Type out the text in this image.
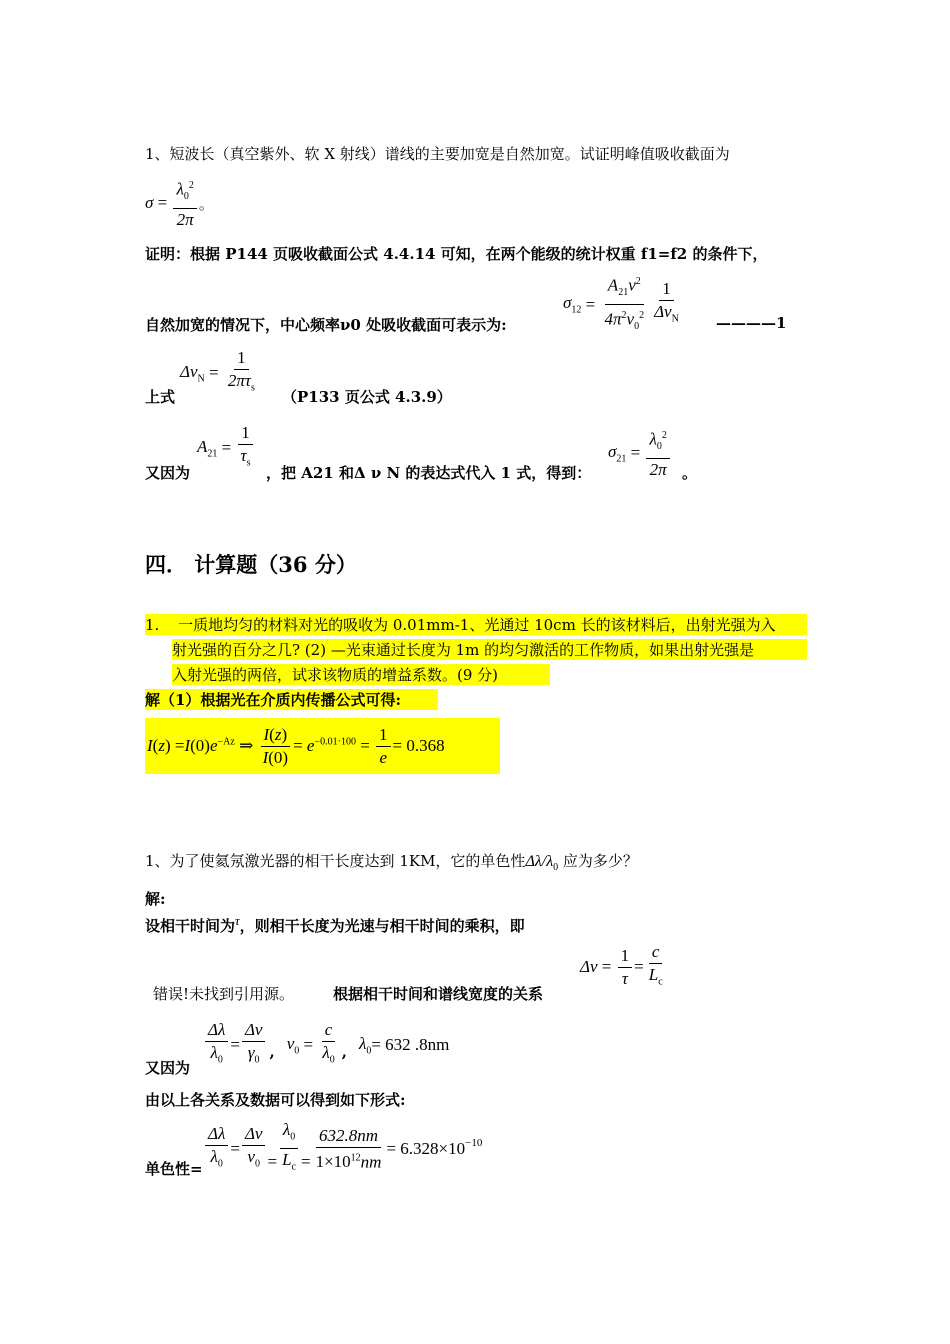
1、短波长（真空紫外、软 X 射线）谱线的主要加宽是自然加宽。试证明峰值吸收截面为
$\sigma = \frac{\lambda_0^2}{2\pi}$ 。
证明：根据 P144 页吸收截面公式 4.4.14 可知，在两个能级的统计权重 f1=f2 的条件下，
自然加宽的情况下，中心频率ν0 处吸收截面可表示为:
$\sigma_{12} = \frac{A_{21}\nu^2}{4\pi^2\nu_0^2} \frac{1}{\Delta\nu_N}$ ————1
$\Delta\nu_N = \frac{1}{2\pi\tau_s}$
上式	（P133 页公式 4.3.9）
$A_{21} = \frac{1}{\tau_s}$
又因为	，把 A21 和Δ ν N 的表达式代入 1 式，得到：
$\sigma_{21} = \frac{\lambda_0^2}{2\pi}$ 。
四． 计算题（36 分）
1. 一质地均匀的材料对光的吸收为 0.01mm-1、光通过 10cm 长的该材料后，出射光强为入
射光强的百分之几? (2) —光束通过长度为 1m 的均匀激活的工作物质，如果出射光强是
入射光强的两倍，试求该物质的增益系数。(9 分)
解（1）根据光在介质内传播公式可得:
I ( z ) = I (0) $e^{-Az}$ ⇒ $\frac{I(z)}{I(0)} = e^{-0.01\cdot 100} = \frac{1}{e} = 0.368$
1、为了使氦氖激光器的相干长度达到 1KM，它的单色性$\Delta\lambda/\lambda_0$ 应为多少？
解:
设相干时间为τ，则相干长度为光速与相干时间的乘积，即
错误!未找到引用源。	根据相干时间和谱线宽度的关系
$\Delta\nu = \frac{1}{\tau} = \frac{c}{L_c}$
又因为 $\frac{\Delta\lambda}{\lambda_0} = \frac{\Delta\nu}{\gamma_0}$ , $\nu_0 = \frac{c}{\lambda_0}$ , $\lambda_0 = 632$ .8nm
由以上各关系及数据可以得到如下形式:
单色性= $\frac{\Delta\lambda}{\lambda_0} = \frac{\Delta\nu}{\nu_0} = \frac{\lambda_0}{L_c} = \frac{632.8nm}{1\times 10^{12}nm} = 6.328\times 10^{-10}$
